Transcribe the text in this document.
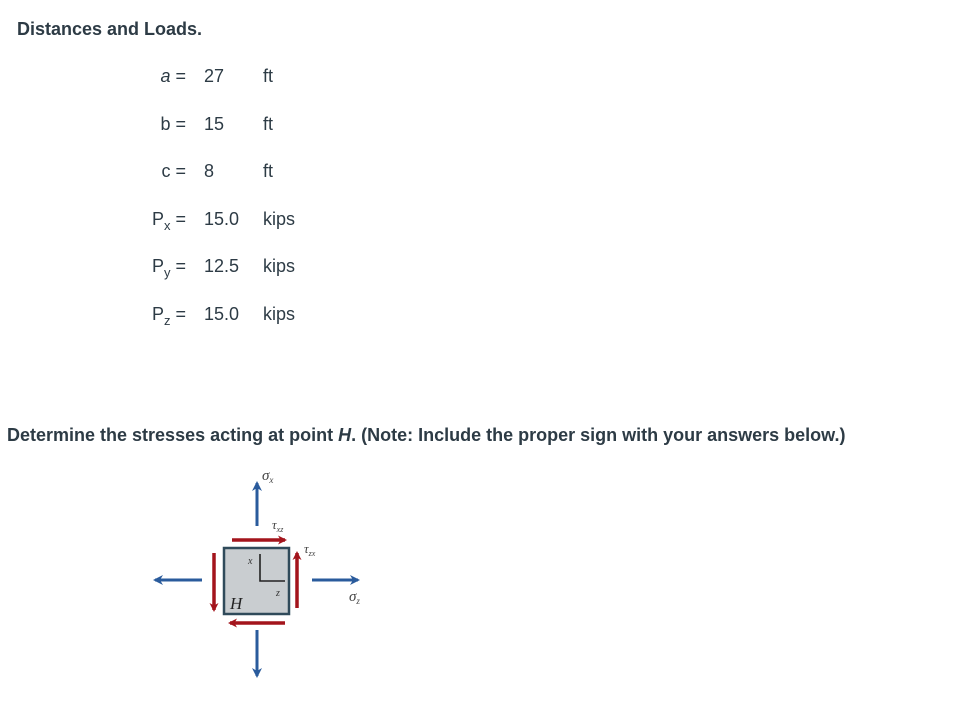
Distances and Loads.
a = 27 ft
b = 15 ft
c = 8	ft
$P_x = 15.0$ kips
$P_y = 12.5$ kips
$P_z = 15.0$ kips
Determine the stresses acting at point H. (Note: Include the proper sign with your answers below.)
x
z
H
$\sigma_x$
$\tau_{xz}$
$\tau_{zx}$
$\sigma_z$
